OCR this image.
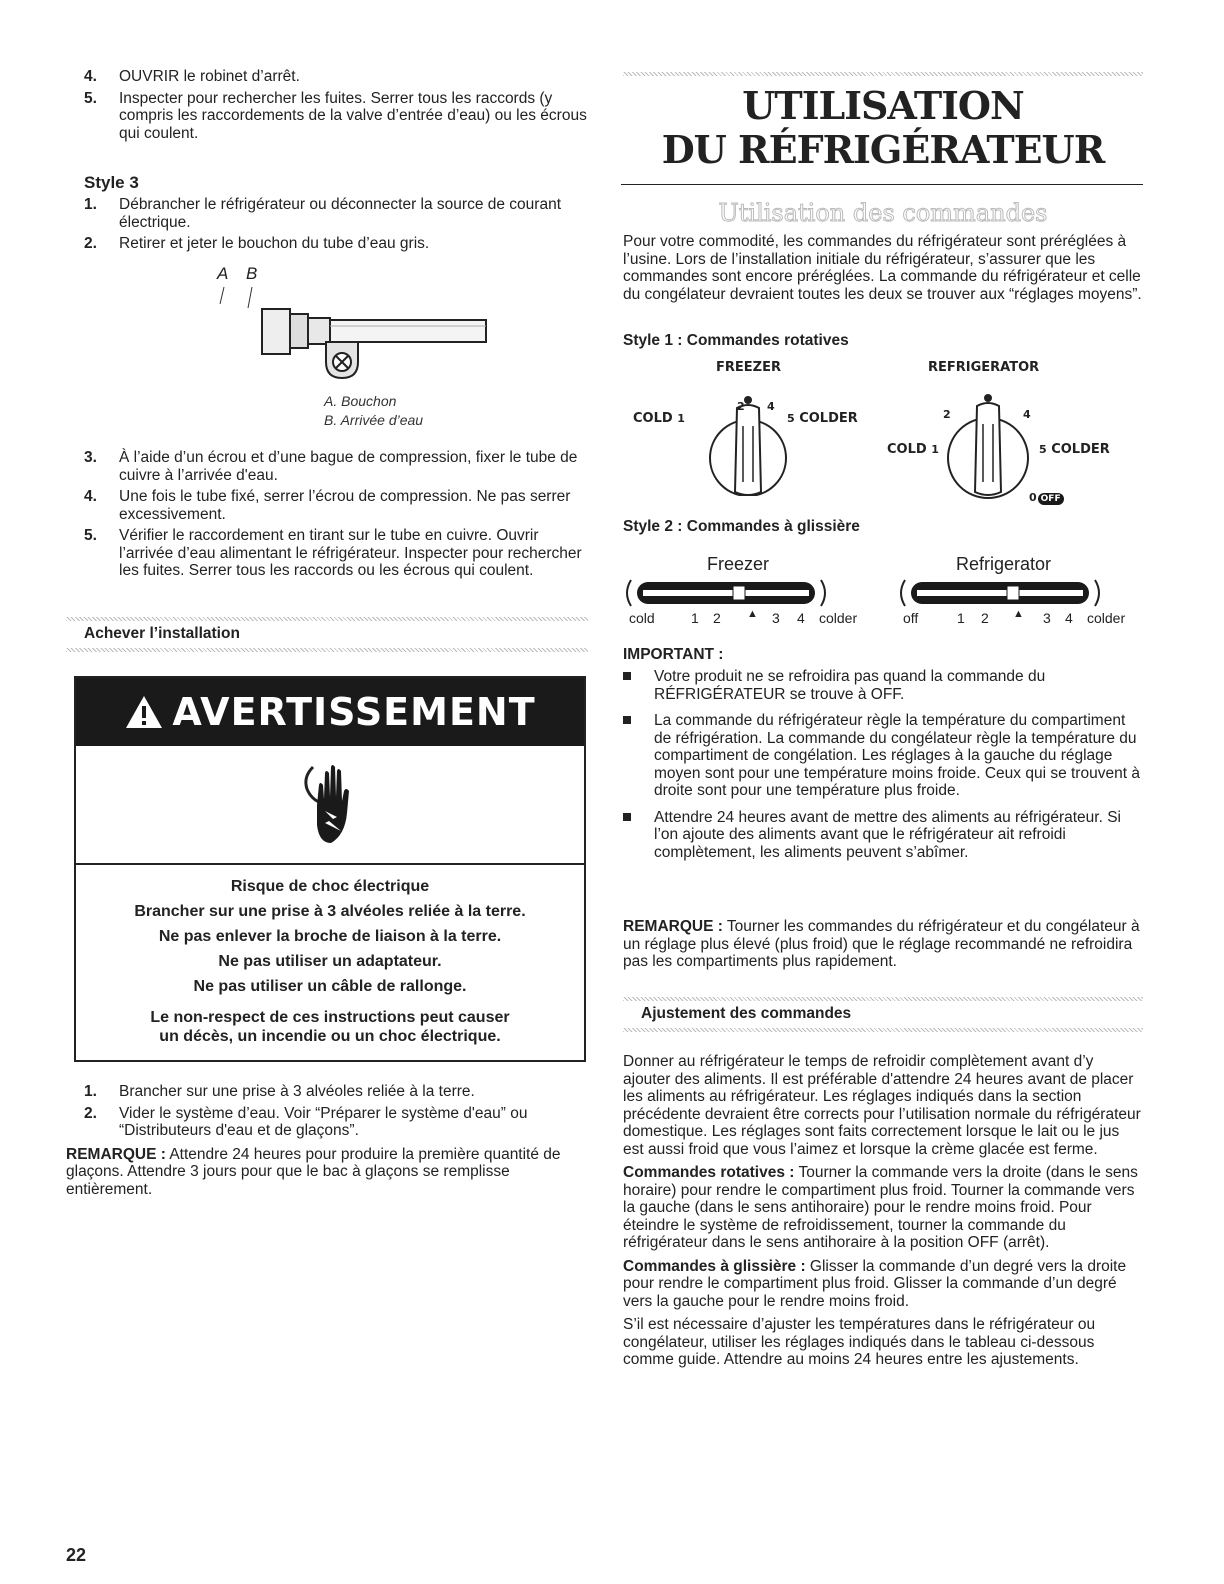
4. OUVRIR le robinet d’arrêt.
5. Inspecter pour rechercher les fuites. Serrer tous les raccords (y compris les raccordements de la valve d’entrée d’eau) ou les écrous qui coulent.
Style 3
1. Débrancher le réfrigérateur ou déconnecter la source de courant électrique.
2. Retirer et jeter le bouchon du tube d’eau gris.
A B
A. Bouchon
B. Arrivée d’eau
3. À l’aide d’un écrou et d’une bague de compression, fixer le tube de cuivre à l’arrivée d'eau.
4. Une fois le tube fixé, serrer l’écrou de compression. Ne pas serrer excessivement.
5. Vérifier le raccordement en tirant sur le tube en cuivre. Ouvrir l’arrivée d’eau alimentant le réfrigérateur. Inspecter pour rechercher les fuites. Serrer tous les raccords ou les écrous qui coulent.
Achever l’installation
AVERTISSEMENT

Risque de choc électrique

Brancher sur une prise à 3 alvéoles reliée à la terre.

Ne pas enlever la broche de liaison à la terre.

Ne pas utiliser un adaptateur.

Ne pas utiliser un câble de rallonge.

Le non-respect de ces instructions peut causer

un décès, un incendie ou un choc électrique.

1. Brancher sur une prise à 3 alvéoles reliée à la terre.
2. Vider le système d’eau. Voir “Préparer le système d'eau” ou “Distributeurs d'eau et de glaçons”.

REMARQUE : Attendre 24 heures pour produire la première quantité de glaçons. Attendre 3 jours pour que le bac à glaçons se remplisse entièrement.

UTILISATION
DU RÉFRIGÉRATEUR
Utilisation des commandes

Pour votre commodité, les commandes du réfrigérateur sont préréglées à l’usine. Lors de l’installation initiale du réfrigérateur, s’assurer que les commandes sont encore préréglées. La commande du réfrigérateur et celle du congélateur devraient toutes les deux se trouver aux “réglages moyens”.

Style 1 : Commandes rotatives

FREEZER	REFRIGERATOR
2 4
COLD 1	5 COLDER	2	4
COLD 1	5 COLDER
0 OFF

Style 2 : Commandes à glissière

Freezer	Refrigerator
cold	1 2 ▲ 3 4 colder	off	1 2 ▲ 3 4 colder

IMPORTANT :

Votre produit ne se refroidira pas quand la commande du RÉFRIGÉRATEUR se trouve à OFF.
La commande du réfrigérateur règle la température du compartiment de réfrigération. La commande du congélateur règle la température du compartiment de congélation. Les réglages à la gauche du réglage moyen sont pour une température moins froide. Ceux qui se trouvent à droite sont pour une température plus froide.
Attendre 24 heures avant de mettre des aliments au réfrigérateur. Si l’on ajoute des aliments avant que le réfrigérateur ait refroidi complètement, les aliments peuvent s’abîmer.

REMARQUE : Tourner les commandes du réfrigérateur et du congélateur à un réglage plus élevé (plus froid) que le réglage recommandé ne refroidira pas les compartiments plus rapidement.

Ajustement des commandes

Donner au réfrigérateur le temps de refroidir complètement avant d’y ajouter des aliments. Il est préférable d'attendre 24 heures avant de placer les aliments au réfrigérateur. Les réglages indiqués dans la section précédente devraient être corrects pour l’utilisation normale du réfrigérateur domestique. Les réglages sont faits correctement lorsque le lait ou le jus est aussi froid que vous l’aimez et lorsque la crème glacée est ferme.

Commandes rotatives : Tourner la commande vers la droite (dans le sens horaire) pour rendre le compartiment plus froid. Tourner la commande vers la gauche (dans le sens antihoraire) pour le rendre moins froid. Pour éteindre le système de refroidissement, tourner la commande du réfrigérateur dans le sens antihoraire à la position OFF (arrêt).

Commandes à glissière : Glisser la commande d’un degré vers la droite pour rendre le compartiment plus froid. Glisser la commande d’un degré vers la gauche pour le rendre moins froid.

S’il est nécessaire d’ajuster les températures dans le réfrigérateur ou congélateur, utiliser les réglages indiqués dans le tableau ci-dessous comme guide. Attendre au moins 24 heures entre les ajustements.

22
